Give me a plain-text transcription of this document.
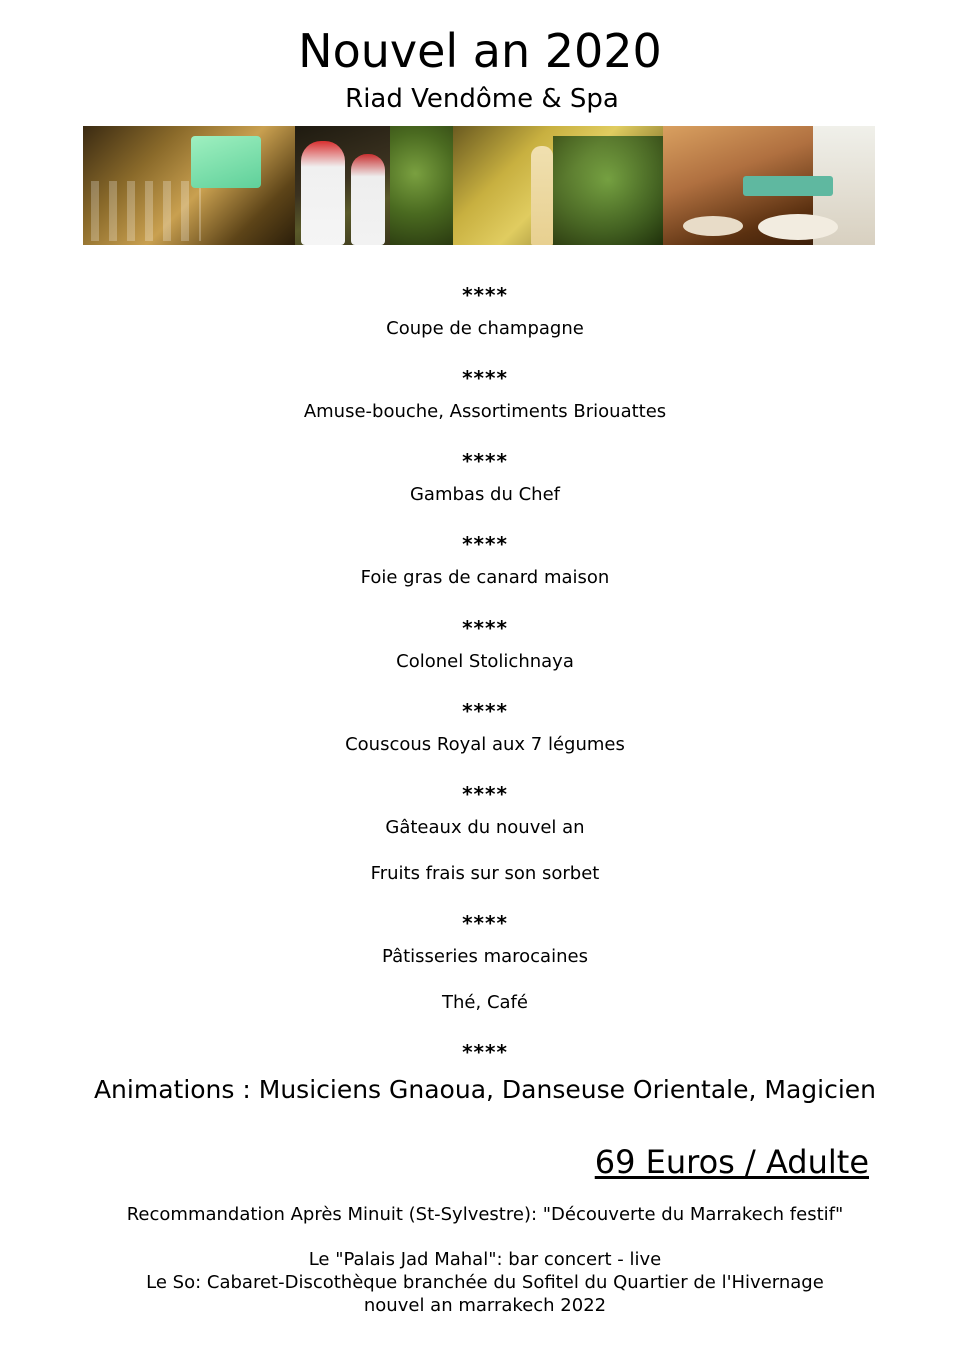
Nouvel an 2020
Riad Vendôme & Spa
****
Coupe de champagne
****
Amuse-bouche, Assortiments Briouattes
****
Gambas du Chef
****
Foie gras de canard maison
****
Colonel Stolichnaya
****
Couscous Royal aux 7 légumes
****
Gâteaux du nouvel an
Fruits frais sur son sorbet
****
Pâtisseries marocaines
Thé, Café
****
Animations : Musiciens Gnaoua, Danseuse Orientale, Magicien
69 Euros / Adulte
Recommandation Après Minuit (St-Sylvestre): "Découverte du Marrakech festif"
Le "Palais Jad Mahal": bar concert - live
Le So: Cabaret-Discothèque branchée du Sofitel du Quartier de l'Hivernage
nouvel an marrakech 2022
